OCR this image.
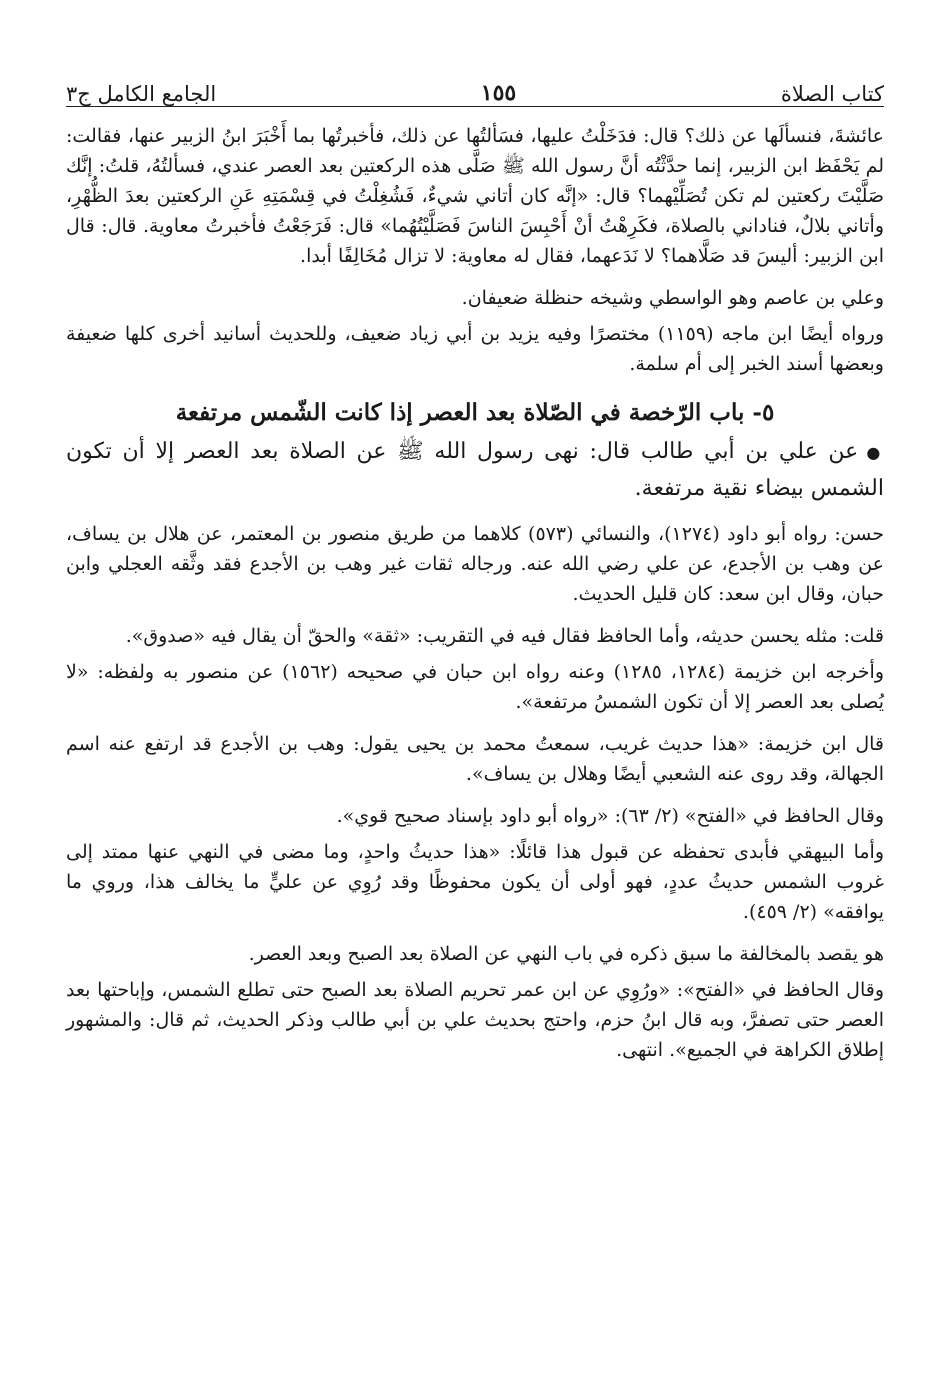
كتاب الصلاة
١٥٥
الجامع الكامل ج٣

عائشةَ، فنسألَها عن ذلك؟ قال: فدَخَلْتُ عليها، فسَألتُها عن ذلك، فأخبرتُها بما أَخْبَرَ ابنُ الزبير عنها، فقالت: لم يَحْفَظ ابن الزبير، إنما حدَّثْتُه أنَّ رسول الله ﷺ صَلَّى هذه الركعتين بعد العصر عندي، فسألتُهُ، قلتُ: إنَّك صَلَّيْتَ ركعتين لم تكن تُصَلِّيْهما؟ قال: «إنَّه كان أتاني شيءٌ، فَشُغِلْتُ في قِسْمَتِهِ عَنِ الركعتين بعدَ الظُّهْرِ، وأتاني بلالٌ، فناداني بالصلاة، فكَرِهْتُ أنْ أَحْبِسَ الناسَ فَصَلَّيْتُهُما» قال: فَرَجَعْتُ فأخبرتُ معاوية. قال: قال ابن الزبير: أليسَ قد صَلَّاهما؟ لا نَدَعهما، فقال له معاوية: لا تزال مُخَالِفًا أبدا.

وعلي بن عاصم وهو الواسطي وشيخه حنظلة ضعيفان.

ورواه أيضًا ابن ماجه (١١٥٩) مختصرًا وفيه يزيد بن أبي زياد ضعيف، وللحديث أسانيد أخرى كلها ضعيفة وبعضها أسند الخبر إلى أم سلمة.

٥- باب الرّخصة في الصّلاة بعد العصر إذا كانت الشّمس مرتفعة

●عن علي بن أبي طالب قال: نهى رسول الله ﷺ عن الصلاة بعد العصر إلا أن تكون الشمس بيضاء نقية مرتفعة.

حسن: رواه أبو داود (١٢٧٤)، والنسائي (٥٧٣) كلاهما من طريق منصور بن المعتمر، عن هلال بن يساف، عن وهب بن الأجدع، عن علي رضي الله عنه. ورجاله ثقات غير وهب بن الأجدع فقد وثَّقه العجلي وابن حبان، وقال ابن سعد: كان قليل الحديث.

قلت: مثله يحسن حديثه، وأما الحافظ فقال فيه في التقريب: «ثقة» والحقّ أن يقال فيه «صدوق».

وأخرجه ابن خزيمة (١٢٨٤، ١٢٨٥) وعنه رواه ابن حبان في صحيحه (١٥٦٢) عن منصور به ولفظه: «لا يُصلى بعد العصر إلا أن تكون الشمسُ مرتفعة».

قال ابن خزيمة: «هذا حديث غريب، سمعتُ محمد بن يحيى يقول: وهب بن الأجدع قد ارتفع عنه اسم الجهالة، وقد روى عنه الشعبي أيضًا وهلال بن يساف».

وقال الحافظ في «الفتح» (٢/ ٦٣): «رواه أبو داود بإسناد صحيح قوي».

وأما البيهقي فأبدى تحفظه عن قبول هذا قائلًا: «هذا حديثُ واحدٍ، وما مضى في النهي عنها ممتد إلى غروب الشمس حديثُ عددٍ، فهو أولى أن يكون محفوظًا وقد رُوِي عن عليٍّ ما يخالف هذا، وروي ما يوافقه» (٢/ ٤٥٩).

هو يقصد بالمخالفة ما سبق ذكره في باب النهي عن الصلاة بعد الصبح وبعد العصر.

وقال الحافظ في «الفتح»: «ورُوِي عن ابن عمر تحريم الصلاة بعد الصبح حتى تطلع الشمس، وإباحتها بعد العصر حتى تصفرَّ، وبه قال ابنُ حزم، واحتج بحديث علي بن أبي طالب وذكر الحديث، ثم قال: والمشهور إطلاق الكراهة في الجميع». انتهى.
